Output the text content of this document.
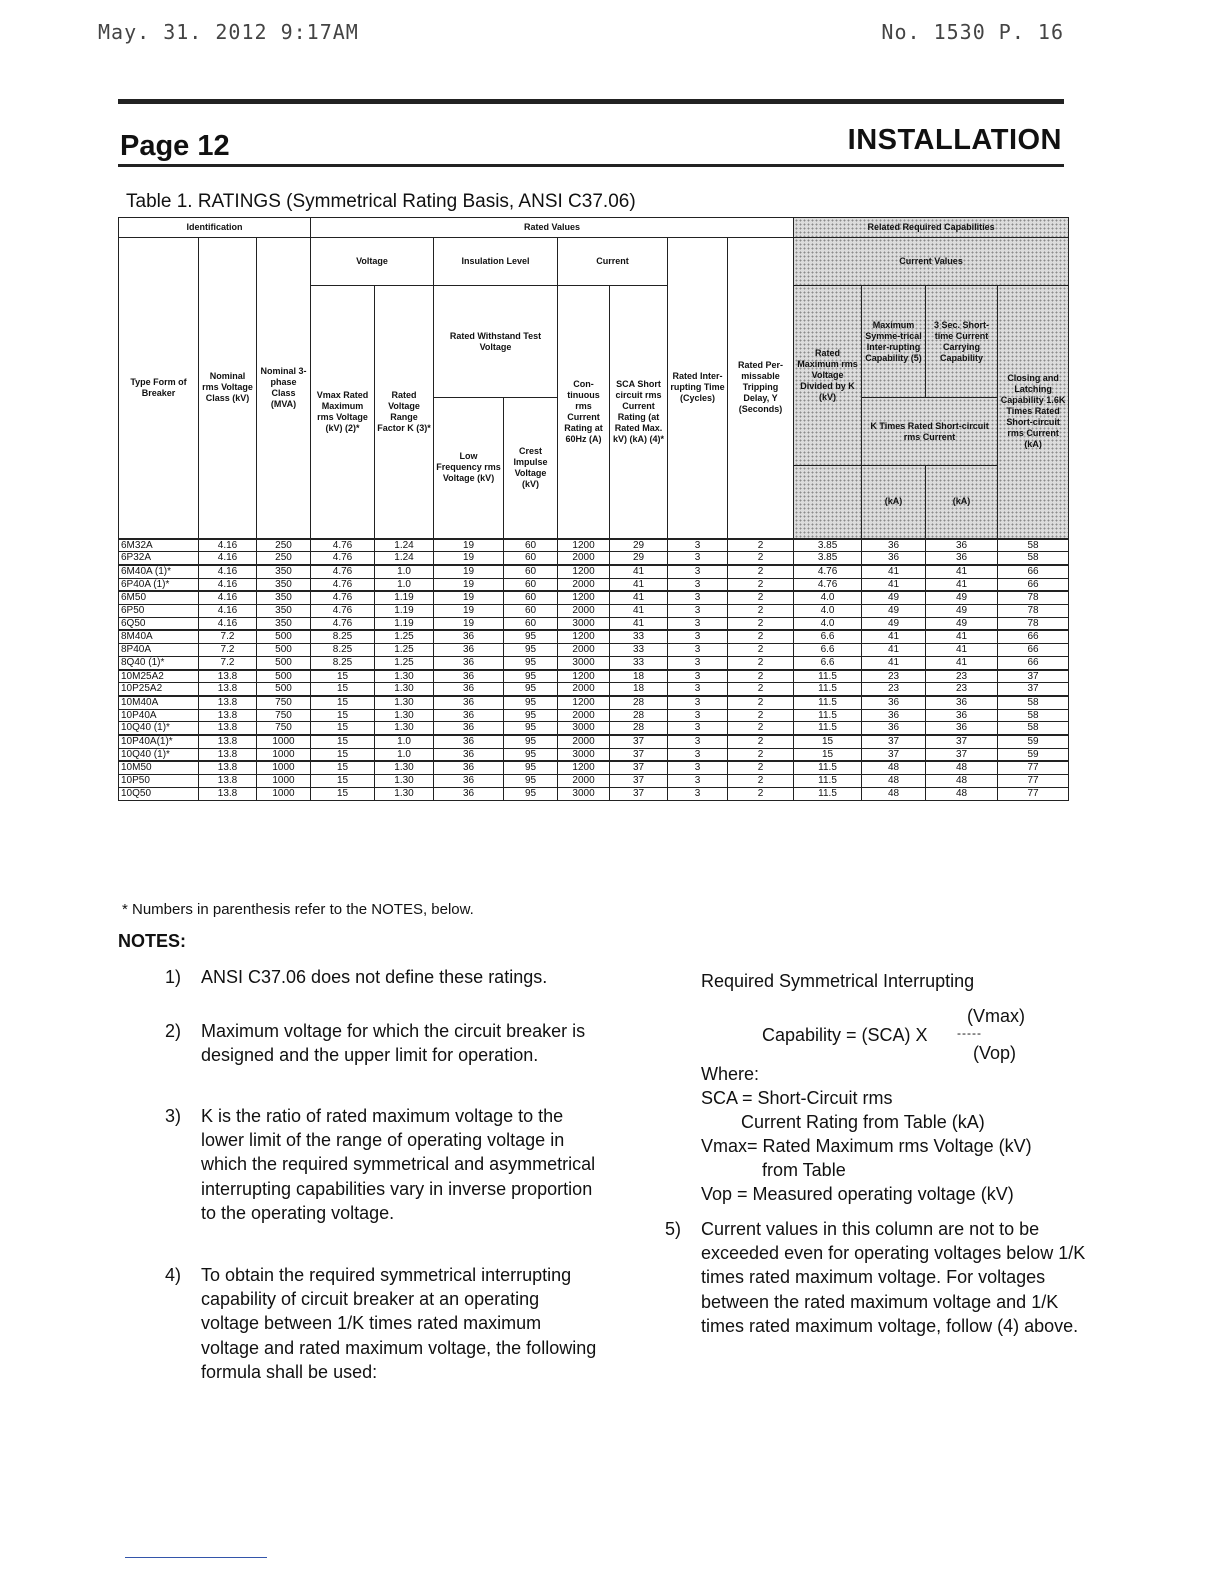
May. 31. 2012 9:17AM	No. 1530 P. 16
Page 12	INSTALLATION
Table 1. RATINGS (Symmetrical Rating Basis, ANSI C37.06)
Identification			Rated Values								Related Required Capabilities			
Type Form of Breaker	Nominal rms Voltage Class (kV)	Nominal 3-phase Class (MVA)	Voltage		Insulation Level		Current		Rated Inter-rupting Time (Cycles)	Rated Per-missable Tripping Delay, Y (Seconds)	Current Values			
			Vmax Rated Maximum rms Voltage (kV) (2)*	Rated Voltage Range Factor K (3)*	Rated Withstand Test Voltage		Con-tinuous rms Current Rating at 60Hz (A)	SCA Short circuit rms Current Rating (at Rated Max. kV) (kA) (4)*			Rated Maximum rms Voltage Divided by K (kV)	Maximum Symme-trical Inter-rupting Capability (5)	3 Sec. Short-time Current Carrying Capability	Closing and Latching Capability 1.6K Times Rated Short-circuit rms Current (kA)
					Low Frequency rms Voltage (kV)	Crest Impulse Voltage (kV)						K Times Rated Short-circuit rms Current		
												(kA)	(kA)	
6M32A	4.16	250	4.76	1.24	19	60	1200	29	3	2	3.85	36	36	58
6P32A	4.16	250	4.76	1.24	19	60	2000	29	3	2	3.85	36	36	58
6M40A (1)*	4.16	350	4.76	1.0	19	60	1200	41	3	2	4.76	41	41	66
6P40A (1)*	4.16	350	4.76	1.0	19	60	2000	41	3	2	4.76	41	41	66
6M50	4.16	350	4.76	1.19	19	60	1200	41	3	2	4.0	49	49	78
6P50	4.16	350	4.76	1.19	19	60	2000	41	3	2	4.0	49	49	78
6Q50	4.16	350	4.76	1.19	19	60	3000	41	3	2	4.0	49	49	78
8M40A	7.2	500	8.25	1.25	36	95	1200	33	3	2	6.6	41	41	66
8P40A	7.2	500	8.25	1.25	36	95	2000	33	3	2	6.6	41	41	66
8Q40 (1)*	7.2	500	8.25	1.25	36	95	3000	33	3	2	6.6	41	41	66
10M25A2	13.8	500	15	1.30	36	95	1200	18	3	2	11.5	23	23	37
10P25A2	13.8	500	15	1.30	36	95	2000	18	3	2	11.5	23	23	37
10M40A	13.8	750	15	1.30	36	95	1200	28	3	2	11.5	36	36	58
10P40A	13.8	750	15	1.30	36	95	2000	28	3	2	11.5	36	36	58
10Q40 (1)*	13.8	750	15	1.30	36	95	3000	28	3	2	11.5	36	36	58
10P40A(1)*	13.8	1000	15	1.0	36	95	2000	37	3	2	15	37	37	59
10Q40 (1)*	13.8	1000	15	1.0	36	95	3000	37	3	2	15	37	37	59
10M50	13.8	1000	15	1.30	36	95	1200	37	3	2	11.5	48	48	77
10P50	13.8	1000	15	1.30	36	95	2000	37	3	2	11.5	48	48	77
10Q50	13.8	1000	15	1.30	36	95	3000	37	3	2	11.5	48	48	77
* Numbers in parenthesis refer to the NOTES, below.
NOTES:
1) ANSI C37.06 does not define these ratings.
2) Maximum voltage for which the circuit breaker is designed and the upper limit for operation.
3) K is the ratio of rated maximum voltage to the lower limit of the range of operating voltage in which the required symmetrical and asymmetrical interrupting capabilities vary in inverse proportion to the operating voltage.
4) To obtain the required symmetrical interrupting capability of circuit breaker at an operating voltage between 1/K times rated maximum voltage and rated maximum voltage, the following formula shall be used:
Required Symmetrical Interrupting
(Vmax)
Capability = (SCA) X -----
(Vop)
Where:
SCA = Short-Circuit rms
Current Rating from Table (kA)
Vmax= Rated Maximum rms Voltage (kV)
from Table
Vop = Measured operating voltage (kV)
5) Current values in this column are not to be exceeded even for operating voltages below 1/K times rated maximum voltage. For voltages between the rated maximum voltage and 1/K times rated maximum voltage, follow (4) above.
